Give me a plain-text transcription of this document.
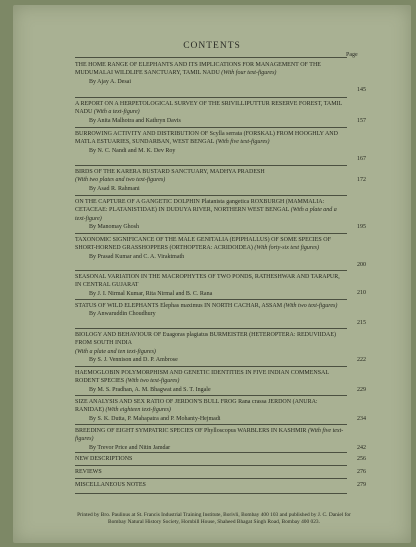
CONTENTS
Page
THE HOME RANGE OF ELEPHANTS AND ITS IMPLICATIONS FOR MANAGEMENT OF THE MUDUMALAI WILDLIFE SANCTUARY, TAMIL NADU (With four text-figures)
By Ajay A. Desai
145
A REPORT ON A HERPETOLOGICAL SURVEY OF THE SRIVILLIPUTTUR RESERVE FOREST, TAMIL NADU (With a text-figure)
By Anita Malhotra and Kathryn Davis	157
BURROWING ACTIVITY AND DISTRIBUTION OF Scylla serrata (FORSKAL) FROM HOOGHLY AND MATLA ESTUARIES, SUNDARBAN, WEST BENGAL (With five text-figures)
By N. C. Nandi and M. K. Dev Roy
167
BIRDS OF THE KARERA BUSTARD SANCTUARY, MADHYA PRADESH
(With two plates and two text-figures)
By Asad R. Rahmani
172
ON THE CAPTURE OF A GANGETIC DOLPHIN Platanista gangetica ROXBURGH (MAMMALIA: CETACEAE: PLATANISTIDAE) IN DUDUYA RIVER, NORTHERN WEST BENGAL (With a plate and a text-figure)
By Manomay Ghosh	195
TAXONOMIC SIGNIFICANCE OF THE MALE GENITALIA (EPIPHALLUS) OF SOME SPECIES OF SHORT-HORNED GRASSHOPPERS (ORTHOPTERA: ACRIDOIDEA) (With forty-six text figures)
By Prasad Kumar and C. A. Viraktmath
200
SEASONAL VARIATION IN THE MACROPHYTES OF TWO PONDS, RATHESHWAR AND TARAPUR, IN CENTRAL GUJARAT
By J. I. Nirmal Kumar, Rita Nirmal and B. C. Rana	210
STATUS OF WILD ELEPHANTS Elephas maximus IN NORTH CACHAR, ASSAM (With two text-figures)
By Anwaruddin Choudhury
215
BIOLOGY AND BEHAVIOUR OF Euagoras plagiatus BURMEISTER (HETEROPTERA: REDUVIIDAE) FROM SOUTH INDIA
(With a plate and ten text-figures)
By S. J. Vennison and D. P. Ambrose	222
HAEMOGLOBIN POLYMORPHISM AND GENETIC IDENTITIES IN FIVE INDIAN COMMENSAL RODENT SPECIES (With two text-figures)
By M. S. Pradhan, A. M. Bhagwat and S. T. Ingale	229
SIZE ANALYSIS AND SEX RATIO OF JERDON'S BULL FROG Rana crassa JERDON (ANURA: RANIDAE) (With eighteen text-figures)
By S. K. Dutta, P. Mahapatra and P. Mohanty-Hejmadi	234
BREEDING OF EIGHT SYMPATRIC SPECIES OF Phylloscopus WARBLERS IN KASHMIR (With five text-figures)
By Trevor Price and Nitin Jamdar	242
NEW DESCRIPTIONS	256
REVIEWS	276
MISCELLANEOUS NOTES	279
Printed by Bro. Paulinus at St. Francis Industrial Training Institute, Borivli, Bombay 400 103 and published by J. C. Daniel for Bombay Natural History Society, Hornbill House, Shaheed Bhagat Singh Road, Bombay 400 023.
